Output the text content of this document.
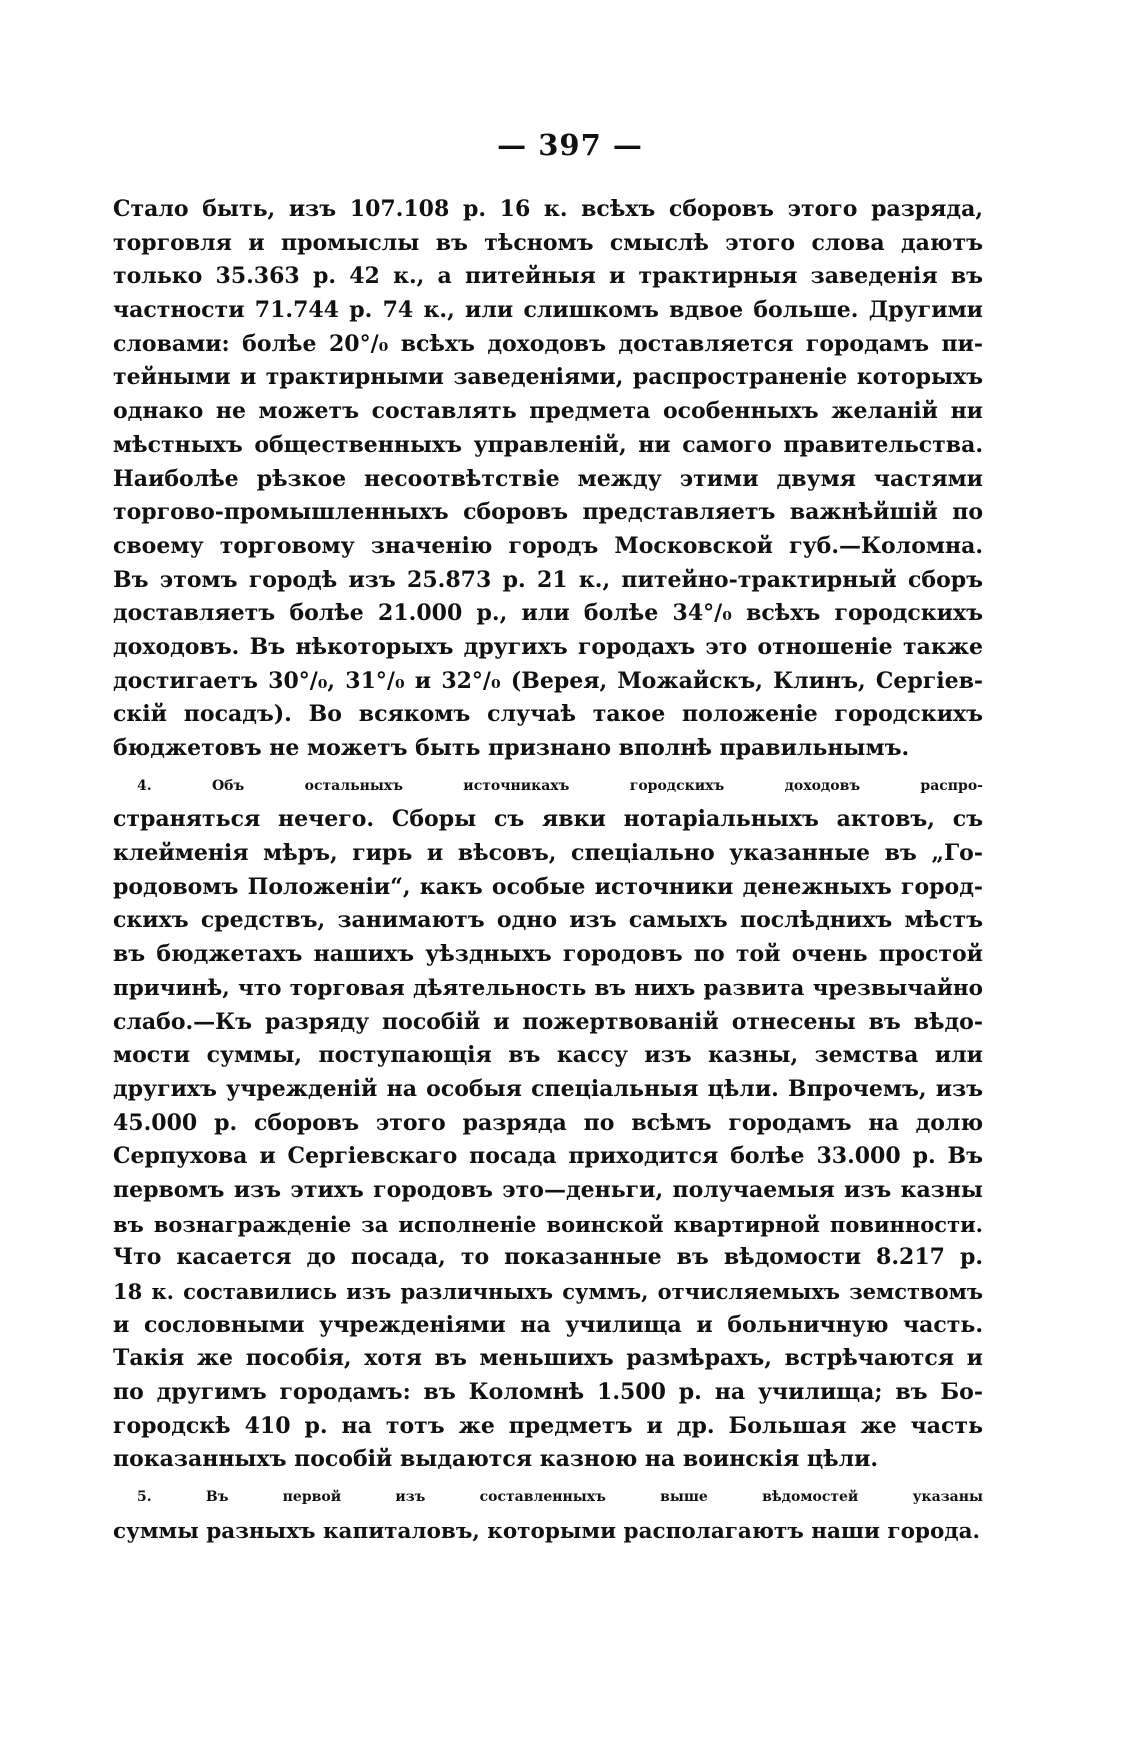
— 397 —
Стало быть, изъ 107.108 р. 16 к. всѣхъ сборовъ этого разряда,
торговля и промыслы въ тѣсномъ смыслѣ этого слова даютъ
только 35.363 р. 42 к., а питейныя и трактирныя заведенія въ
частности 71.744 р. 74 к., или слишкомъ вдвое больше. Другими
словами: болѣе 20°/₀ всѣхъ доходовъ доставляется городамъ пи-
тейными и трактирными заведеніями, распространеніе которыхъ
однако не можетъ составлять предмета особенныхъ желаній ни
мѣстныхъ общественныхъ управленій, ни самого правительства.
Наиболѣе рѣзкое несоотвѣтствіе между этими двумя частями
торгово-промышленныхъ сборовъ представляетъ важнѣйшій по
своему торговому значенію городъ Московской губ.—Коломна.
Въ этомъ городѣ изъ 25.873 р. 21 к., питейно-трактирный сборъ
доставляетъ болѣе 21.000 р., или болѣе 34°/₀ всѣхъ городскихъ
доходовъ. Въ нѣкоторыхъ другихъ городахъ это отношеніе также
достигаетъ 30°/₀, 31°/₀ и 32°/₀ (Верея, Можайскъ, Клинъ, Сергіев-
скій посадъ). Во всякомъ случаѣ такое положеніе городскихъ
бюджетовъ не можетъ быть признано вполнѣ правильнымъ.
4. Объ остальныхъ источникахъ городскихъ доходовъ распро-
страняться нечего. Сборы съ явки нотаріальныхъ актовъ, съ
клейменія мѣръ, гирь и вѣсовъ, спеціально указанные въ „Го-
родовомъ Положеніи“, какъ особые источники денежныхъ город-
скихъ средствъ, занимаютъ одно изъ самыхъ послѣднихъ мѣстъ
въ бюджетахъ нашихъ уѣздныхъ городовъ по той очень простой
причинѣ, что торговая дѣятельность въ нихъ развита чрезвычайно
слабо.—Къ разряду пособій и пожертвованій отнесены въ вѣдо-
мости суммы, поступающія въ кассу изъ казны, земства или
другихъ учрежденій на особыя спеціальныя цѣли. Впрочемъ, изъ
45.000 р. сборовъ этого разряда по всѣмъ городамъ на долю
Серпухова и Сергіевскаго посада приходится болѣе 33.000 р. Въ
первомъ изъ этихъ городовъ это—деньги, получаемыя изъ казны
въ вознагражденіе за исполненіе воинской квартирной повинности.
Что касается до посада, то показанные въ вѣдомости 8.217 р.
18 к. составились изъ различныхъ суммъ, отчисляемыхъ земствомъ
и сословными учрежденіями на училища и больничную часть.
Такія же пособія, хотя въ меньшихъ размѣрахъ, встрѣчаются и
по другимъ городамъ: въ Коломнѣ 1.500 р. на училища; въ Бо-
городскѣ 410 р. на тотъ же предметъ и др. Большая же часть
показанныхъ пособій выдаются казною на воинскія цѣли.
5. Въ первой изъ составленныхъ выше вѣдомостей указаны
суммы разныхъ капиталовъ, которыми располагаютъ наши города.
